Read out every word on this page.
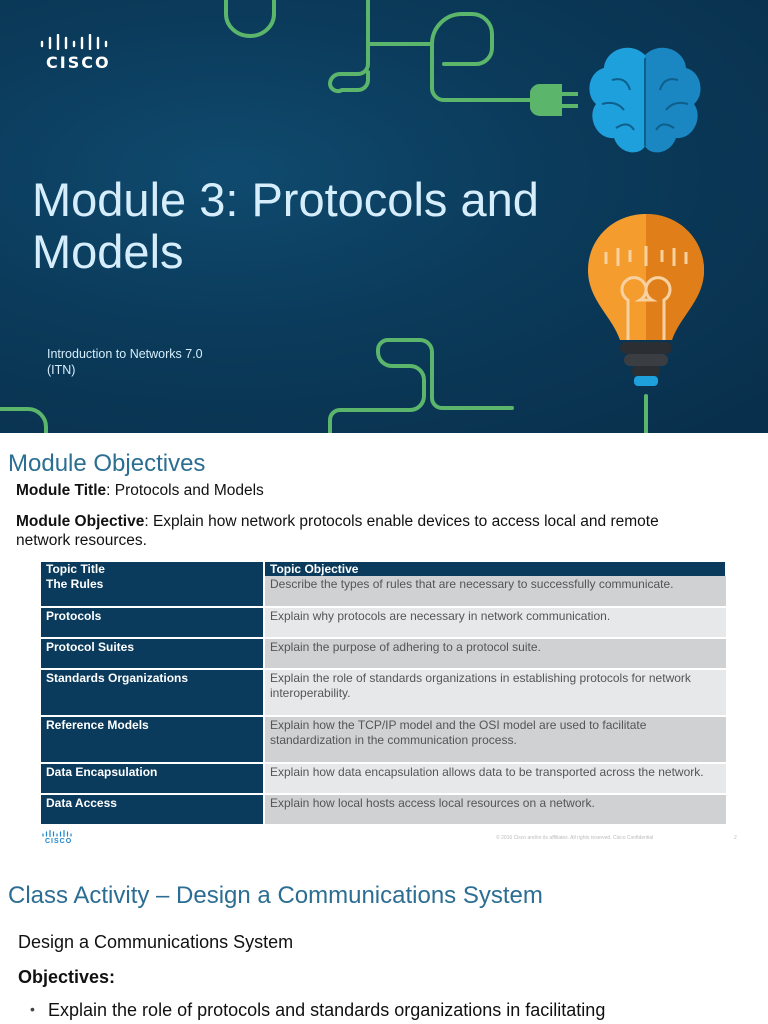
CISCO
Module 3: Protocols and Models
Introduction to Networks 7.0
(ITN)
Module Objectives
Module Title: Protocols and Models
Module Objective: Explain how network protocols enable devices to access local and remote network resources.
Topic Title	Topic Objective
The Rules	Describe the types of rules that are necessary to successfully communicate.
Protocols	Explain why protocols are necessary in network communication.
Protocol Suites	Explain the purpose of adhering to a protocol suite.
Standards Organizations	Explain the role of standards organizations in establishing protocols for network interoperability.
Reference Models	Explain how the TCP/IP model and the OSI model are used to facilitate standardization in the communication process.
Data Encapsulation	Explain how data encapsulation allows data to be transported across the network.
Data Access	Explain how local hosts access local resources on a network.
CISCO	© 2016 Cisco and/or its affiliates. All rights reserved. Cisco Confidential	2
Class Activity – Design a Communications System
Design a Communications System
Objectives:
• Explain the role of protocols and standards organizations in facilitating
